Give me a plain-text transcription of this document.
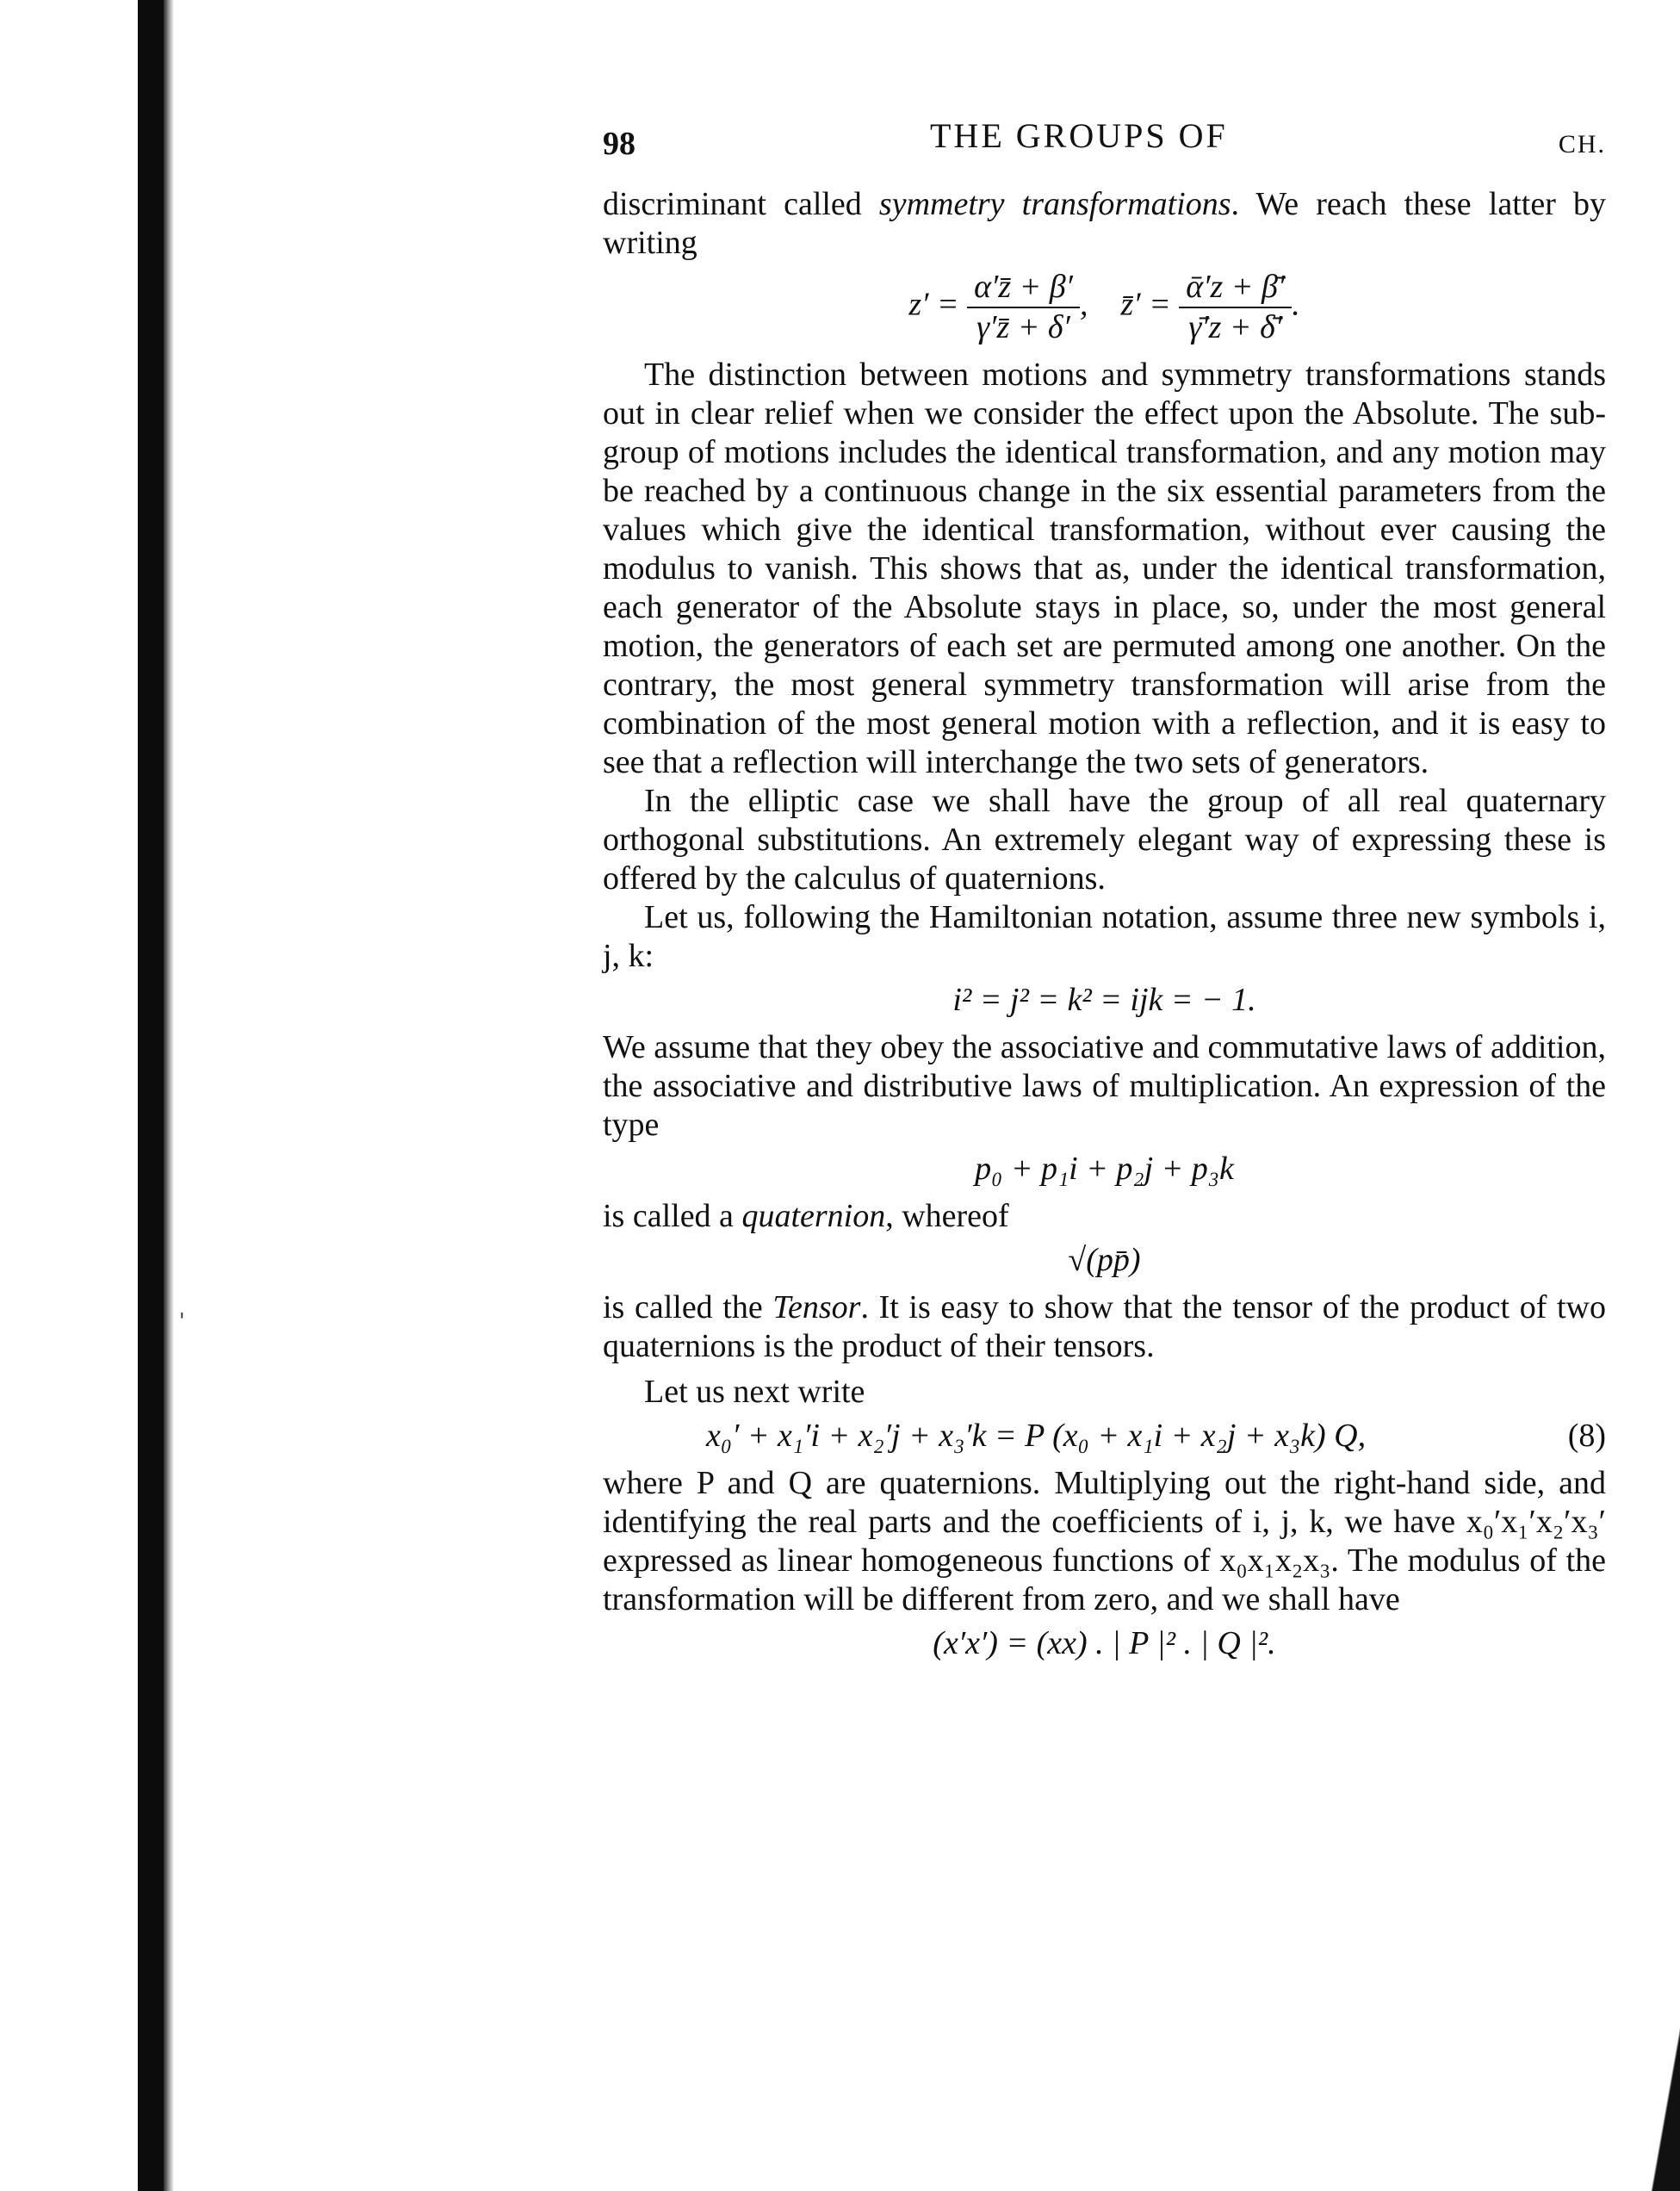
'
98	THE GROUPS OF	CH.

discriminant called symmetry transformations. We reach these latter by writing

$z' = \frac{\alpha'z̄ + \beta'}{\gamma'z̄ + \delta'}$ , z̄′ = $\frac{\text{ᾱ′z + β̄′}}{\gammā'z + \deltā'}$ .

The distinction between motions and symmetry transformations stands out in clear relief when we consider the effect upon the Absolute. The sub-group of motions includes the identical transformation, and any motion may be reached by a continuous change in the six essential parameters from the values which give the identical transformation, without ever causing the modulus to vanish. This shows that as, under the identical transformation, each generator of the Absolute stays in place, so, under the most general motion, the generators of each set are permuted among one another. On the contrary, the most general symmetry transformation will arise from the combination of the most general motion with a reflection, and it is easy to see that a reflection will interchange the two sets of generators.

In the elliptic case we shall have the group of all real quaternary orthogonal substitutions. An extremely elegant way of expressing these is offered by the calculus of quaternions.

Let us, following the Hamiltonian notation, assume three new symbols i, j, k:

i² = j² = k² = ijk = − 1.

We assume that they obey the associative and commutative laws of addition, the associative and distributive laws of multiplication. An expression of the type

p₀ + p₁i + p₂j + p₃k

is called a quaternion, whereof

√(pp̄)

is called the Tensor. It is easy to show that the tensor of the product of two quaternions is the product of their tensors.

Let us next write

x₀′ + x₁′i + x₂′j + x₃′k = P (x₀ + x₁i + x₂j + x₃k) Q,	(8)

where P and Q are quaternions. Multiplying out the right-hand side, and identifying the real parts and the coefficients of i, j, k, we have x₀′x₁′x₂′x₃′ expressed as linear homogeneous functions of x₀x₁x₂x₃. The modulus of the transformation will be different from zero, and we shall have

(x′x′) = (xx) . | P |² . | Q |².
